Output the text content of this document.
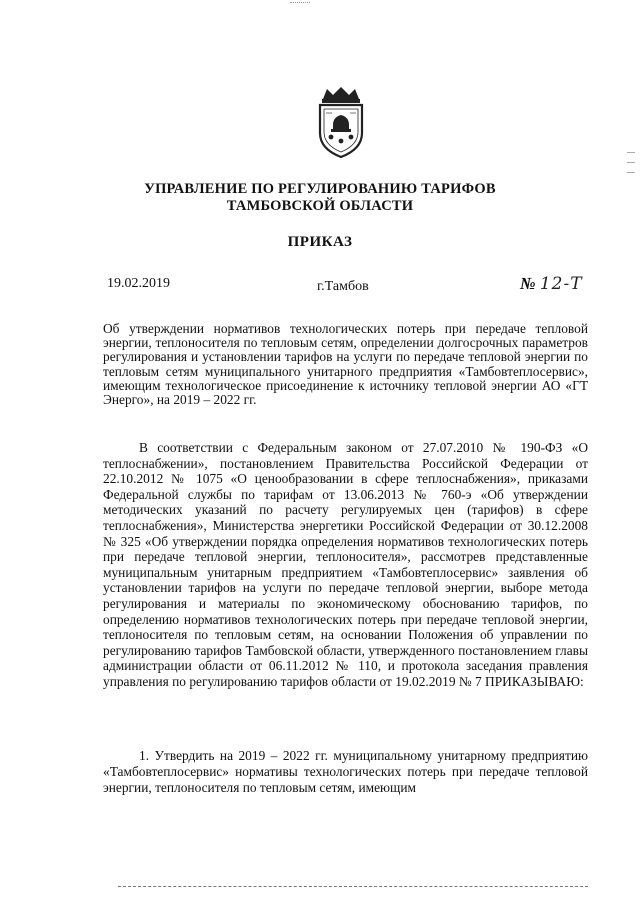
УПРАВЛЕНИЕ ПО РЕГУЛИРОВАНИЮ ТАРИФОВ
ТАМБОВСКОЙ ОБЛАСТИ
ПРИКАЗ
19.02.2019	г.Тамбов	№ 12-Т
Об утверждении нормативов технологических потерь при передаче тепловой энергии, теплоносителя по тепловым сетям, определении долгосрочных параметров регулирования и установлении тарифов на услуги по передаче тепловой энергии по тепловым сетям муниципального унитарного предприятия «Тамбовтеплосервис», имеющим технологическое присоединение к источнику тепловой энергии АО «ГТ Энерго», на 2019 – 2022 гг.
В соответствии с Федеральным законом от 27.07.2010 № 190-ФЗ «О теплоснабжении», постановлением Правительства Российской Федерации от 22.10.2012 № 1075 «О ценообразовании в сфере теплоснабжения», приказами Федеральной службы по тарифам от 13.06.2013 № 760-э «Об утверждении методических указаний по расчету регулируемых цен (тарифов) в сфере теплоснабжения», Министерства энергетики Российской Федерации от 30.12.2008 № 325 «Об утверждении порядка определения нормативов технологических потерь при передаче тепловой энергии, теплоносителя», рассмотрев представленные муниципальным унитарным предприятием «Тамбовтеплосервис» заявления об установлении тарифов на услуги по передаче тепловой энергии, выборе метода регулирования и материалы по экономическому обоснованию тарифов, по определению нормативов технологических потерь при передаче тепловой энергии, теплоносителя по тепловым сетям, на основании Положения об управлении по регулированию тарифов Тамбовской области, утвержденного постановлением главы администрации области от 06.11.2012 № 110, и протокола заседания правления управления по регулированию тарифов области от 19.02.2019 № 7 ПРИКАЗЫВАЮ:
1. Утвердить на 2019 – 2022 гг. муниципальному унитарному предприятию «Тамбовтеплосервис» нормативы технологических потерь при передаче тепловой энергии, теплоносителя по тепловым сетям, имеющим
